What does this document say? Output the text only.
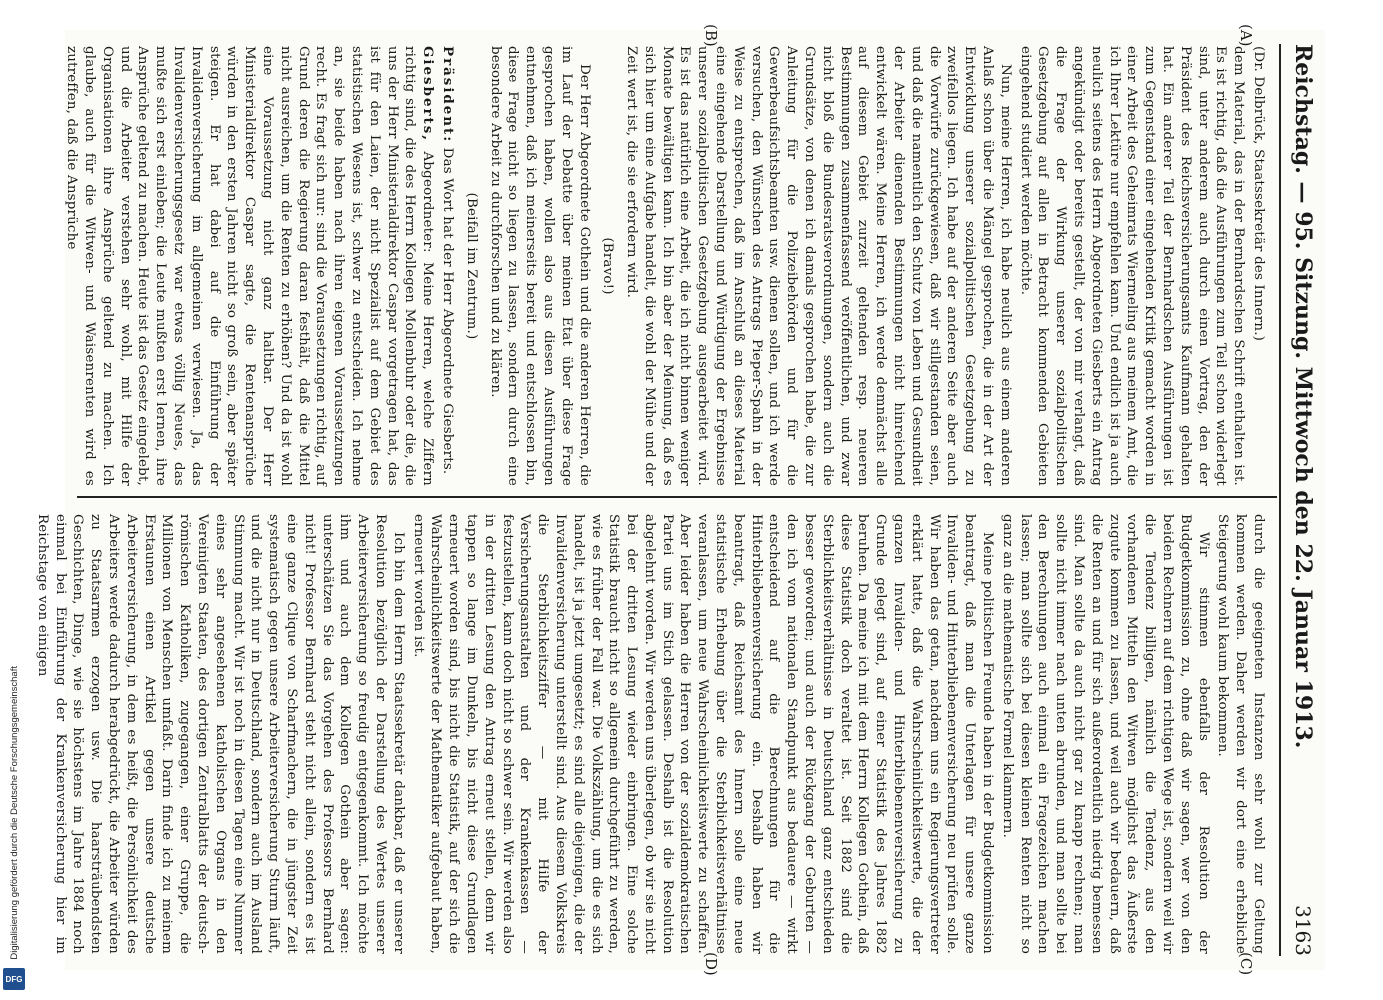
Digitalisierung gefördert durch die Deutsche Forschungsgemeinschaft
DFG
Reichstag. — 95. Sitzung. Mittwoch den 22. Januar 1913.
3163
(A)
(B)
(C)
(D)

(Dr. Delbrück, Staatssekretär des Innern.)

dem Material, das in der Bernhardschen Schrift enthalten ist. Es ist richtig, daß die Ausführungen zum Teil schon widerlegt sind, unter anderem auch durch einen Vortrag, den der Präsident des Reichsversicherungsamts Kaufmann gehalten hat. Ein anderer Teil der Bernhardschen Ausführungen ist zum Gegenstand einer eingehenden Kritik gemacht worden in einer Arbeit des Geheimrats Wiermeling aus meinem Amt, die ich Ihrer Lektüre nur empfehlen kann. Und endlich ist ja auch neulich seitens des Herrn Abgeordneten Giesberts ein Antrag angekündigt oder bereits gestellt, der von mir verlangt, daß die Frage der Wirkung unserer sozialpolitischen Gesetzgebung auf allen in Betracht kommenden Gebieten eingehend studiert werden möchte.

Nun, meine Herren, ich habe neulich aus einem anderen Anlaß schon über die Mängel gesprochen, die in der Art der Entwicklung unserer sozialpolitischen Gesetzgebung zu zweifellos liegen. Ich habe auf der anderen Seite aber auch die Vorwürfe zurückgewiesen, daß wir stillgestanden seien, und daß die namentlich den Schutz von Leben und Gesundheit der Arbeiter dienenden Bestimmungen nicht hinreichend entwickelt wären. Meine Herren, ich werde demnächst alle auf diesem Gebiet zurzeit geltenden resp. neueren Bestimmungen zusammenfassend veröffentlichen, und zwar nicht bloß die Bundesratsverordnungen, sondern auch die Grundsätze, von denen ich damals gesprochen habe, die zur Anleitung für die Polizeibehörden und für die Gewerbeaufsichtsbeamten usw. dienen sollen, und ich werde versuchen, den Wünschen des Antrags Pieper-Spahn in der Weise zu entsprechen, daß im Anschluß an dieses Material eine eingehende Darstellung und Würdigung der Ergebnisse unserer sozialpolitischen Gesetzgebung ausgearbeitet wird. Es ist das natürlich eine Arbeit, die ich nicht binnen weniger Monate bewältigen kann. Ich bin aber der Meinung, daß es sich hier um eine Aufgabe handelt, die wohl der Mühe und der Zeit wert ist, die sie erfordern wird.

(Bravo!)

Der Herr Abgeordnete Gothein und die anderen Herren, die im Lauf der Debatte über meinen Etat über diese Frage gesprochen haben, wollen also aus diesen Ausführungen entnehmen, daß ich meinerseits bereit und entschlossen bin, diese Frage nicht so liegen zu lassen, sondern durch eine besondere Arbeit zu durchforschen und zu klären.

(Beifall im Zentrum.)

Präsident: Das Wort hat der Herr Abgeordnete Giesberts.

Giesberts, Abgeordneter: Meine Herren, welche Ziffern richtig sind, die des Herrn Kollegen Mollenbuhr oder die, die uns der Herr Ministerialdirektor Caspar vorgetragen hat, das ist für den Laien, der nicht Spezialist auf dem Gebiet des statistischen Wesens ist, schwer zu entscheiden. Ich nehme an, sie beide haben nach ihren eigenen Voraussetzungen recht. Es fragt sich nur: sind die Voraussetzungen richtig, auf Grund deren die Regierung daran festhält, daß die Mittel nicht ausreichen, um die Renten zu erhöhen? Und da ist wohl eine Voraussetzung nicht ganz haltbar. Der Herr Ministerialdirektor Caspar sagte, die Rentenansprüche würden in den ersten Jahren nicht so groß sein, aber später steigen. Er hat dabei auf die Einführung der Invalidenversicherung im allgemeinen verwiesen. Ja, das Invalidenversicherungsgesetz war etwas völlig Neues, das mußte sich erst einleben; die Leute mußten erst lernen, ihre Ansprüche geltend zu machen. Heute ist das Gesetz eingelebt, und die Arbeiter verstehen sehr wohl, mit Hilfe der Organisationen ihre Ansprüche geltend zu machen. Ich glaube, auch für die Witwen- und Waisenrenten wird es zutreffen, daß die Ansprüche

durch die geeigneten Instanzen sehr wohl zur Geltung kommen werden. Daher werden wir dort eine erhebliche Steigerung wohl kaum bekommen.

Wir stimmen ebenfalls der Resolution der Budgetkommission zu, ohne daß wir sagen, wer von den beiden Rechnern auf dem richtigen Wege ist, sondern weil wir die Tendenz billigen, nämlich die Tendenz, aus den vorhandenen Mitteln den Witwen möglichst das Äußerste zugute kommen zu lassen, und weil auch wir bedauern, daß die Renten an und für sich außerordentlich niedrig bemessen sind. Man sollte da auch nicht gar zu knapp rechnen; man sollte nicht immer nach unten abrunden, und man sollte bei den Berechnungen auch einmal ein Fragezeichen machen lassen; man sollte sich bei diesen kleinen Renten nicht so ganz an die mathematische Formel klammern.

Meine politischen Freunde haben in der Budgetkommission beantragt, daß man die Unterlagen für unsere ganze Invaliden- und Hinterbliebenenversicherung neu prüfen solle. Wir haben das getan, nachdem uns ein Regierungsvertreter erklärt hatte, daß die Wahrscheinlichkeitswerte, die der ganzen Invaliden- und Hinterbliebenenversicherung zu Grunde gelegt sind, auf einer Statistik des Jahres 1882 beruhen. Da meine ich mit dem Herrn Kollegen Gothein, daß diese Statistik doch veraltet ist. Seit 1882 sind die Sterblichkeitsverhältnisse in Deutschland ganz entschieden besser geworden; und auch der Rückgang der Geburten — den ich vom nationalen Standpunkt aus bedauere — wirkt entscheidend auf die Berechnungen für die Hinterbliebenenversicherung ein. Deshalb haben wir beantragt, daß Reichsamt des Innern solle eine neue statistische Erhebung über die Sterblichkeitsverhältnisse veranlassen, um neue Wahrscheinlichkeitswerte zu schaffen. Aber leider haben die Herren von der sozialdemokratischen Partei uns im Stich gelassen. Deshalb ist die Resolution abgelehnt worden. Wir werden uns überlegen, ob wir sie nicht bei der dritten Lesung wieder einbringen. Eine solche Statistik braucht nicht so allgemein durchgeführt zu werden, wie es früher der Fall war. Die Volkszählung, um die es sich handelt, ist ja jetzt umgesetzt; es sind alle diejenigen, die der Invalidenversicherung unterstellt sind. Aus diesem Volkskreis die Sterblichkeitsziffer — mit Hilfe der Versicherungsanstalten und der Krankenkassen — festzustellen, kann doch nicht so schwer sein. Wir werden also in der dritten Lesung den Antrag erneut stellen, denn wir tappen so lange im Dunkeln, bis nicht diese Grundlagen erneuert worden sind, bis nicht die Statistik, auf der sich die Wahrscheinlichkeitswerte der Mathematiker aufgebaut haben, erneuert worden ist.

Ich bin dem Herrn Staatssekretär dankbar, daß er unserer Resolution bezüglich der Darstellung des Wertes unserer Arbeiterversicherung so freudig entgegenkommt. Ich möchte ihm und auch dem Kollegen Gothein aber sagen: unterschätzen Sie das Vorgehen des Professors Bernhard nicht! Professor Bernhard steht nicht allein, sondern es ist eine ganze Clique von Scharfmachern, die in jüngster Zeit systematisch gegen unsere Arbeiterversicherung Sturm läuft, und die nicht nur in Deutschland, sondern auch im Ausland Stimmung macht. Wir ist noch in diesen Tagen eine Nummer eines sehr angesehenen katholischen Organs in den Vereinigten Staaten, des dortigen Zentralblatts der deutsch-römischen Katholiken, zugegangen, einer Gruppe, die Millionen von Menschen umfaßt. Darin finde ich zu meinem Erstaunen einen Artikel gegen unsere deutsche Arbeiterversicherung, in dem es heißt, die Persönlichkeit des Arbeiters werde dadurch herabgedrückt, die Arbeiter würden zu Staatsarmen erzogen usw. Die haarsträubendsten Geschichten, Dinge, wie sie höchstens im Jahre 1884 noch einmal bei Einführung der Krankenversicherung hier im Reichstage von einigen
